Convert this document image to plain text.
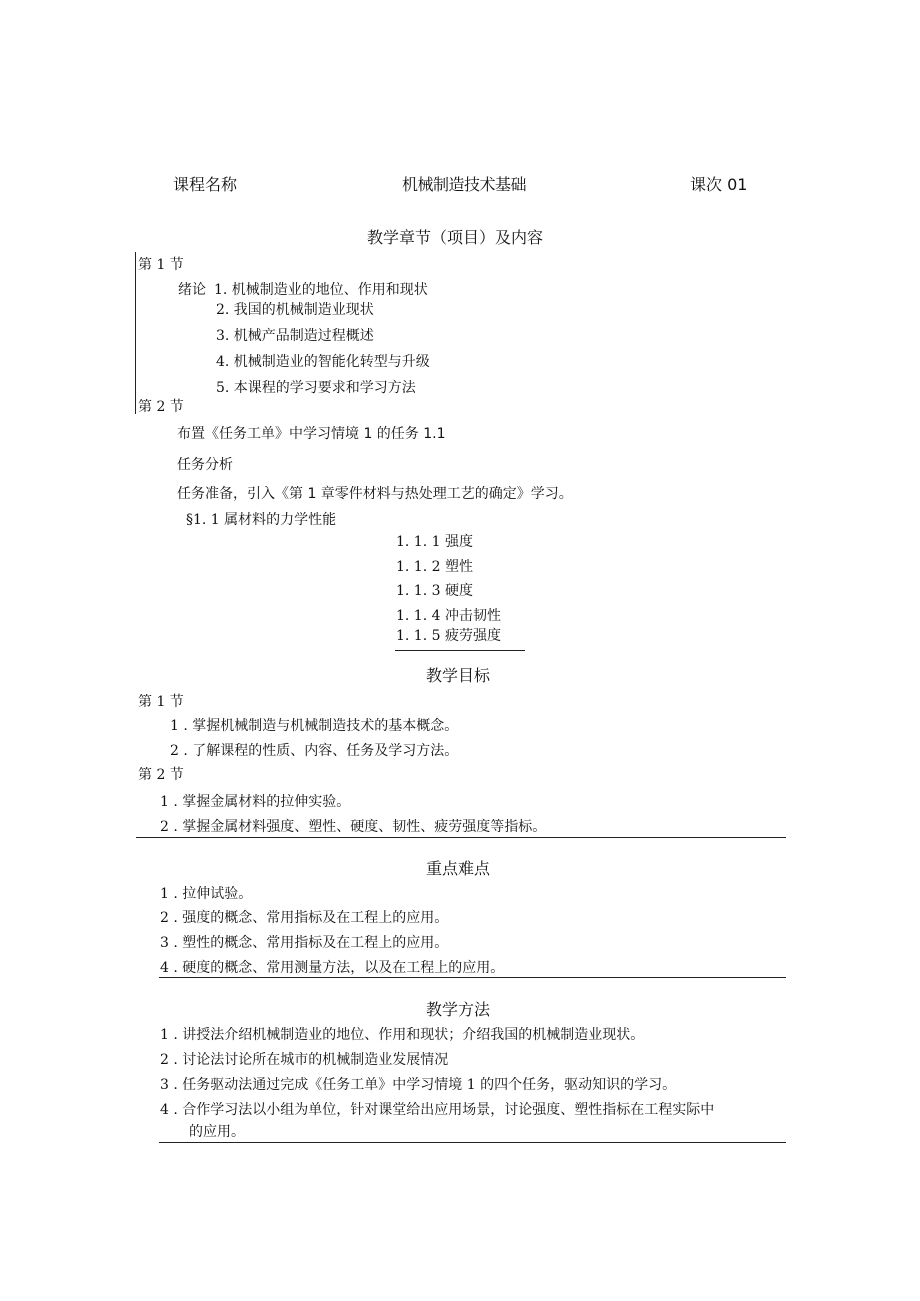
课程名称	机械制造技术基础	课次 01
教学章节（项目）及内容
第 1 节
绪论 1. 机械制造业的地位、作用和现状
2. 我国的机械制造业现状
3. 机械产品制造过程概述
4. 机械制造业的智能化转型与升级
5. 本课程的学习要求和学习方法
第 2 节
布置《任务工单》中学习情境 1 的任务 1.1
任务分析
任务准备，引入《第 1 章零件材料与热处理工艺的确定》学习。
§1. 1 属材料的力学性能
1. 1. 1 强度
1. 1. 2 塑性
1. 1. 3 硬度
1. 1. 4 冲击韧性
1. 1. 5 疲劳强度
教学目标
第 1 节
1 . 掌握机械制造与机械制造技术的基本概念。
2 . 了解课程的性质、内容、任务及学习方法。
第 2 节
1 . 掌握金属材料的拉伸实验。
2 . 掌握金属材料强度、塑性、硬度、韧性、疲劳强度等指标。
重点难点
1 . 拉伸试验。
2 . 强度的概念、常用指标及在工程上的应用。
3 . 塑性的概念、常用指标及在工程上的应用。
4 . 硬度的概念、常用测量方法，以及在工程上的应用。
教学方法
1 . 讲授法介绍机械制造业的地位、作用和现状；介绍我国的机械制造业现状。
2 . 讨论法讨论所在城市的机械制造业发展情况
3 . 任务驱动法通过完成《任务工单》中学习情境 1 的四个任务，驱动知识的学习。
4 . 合作学习法以小组为单位，针对课堂给出应用场景，讨论强度、塑性指标在工程实际中
的应用。
